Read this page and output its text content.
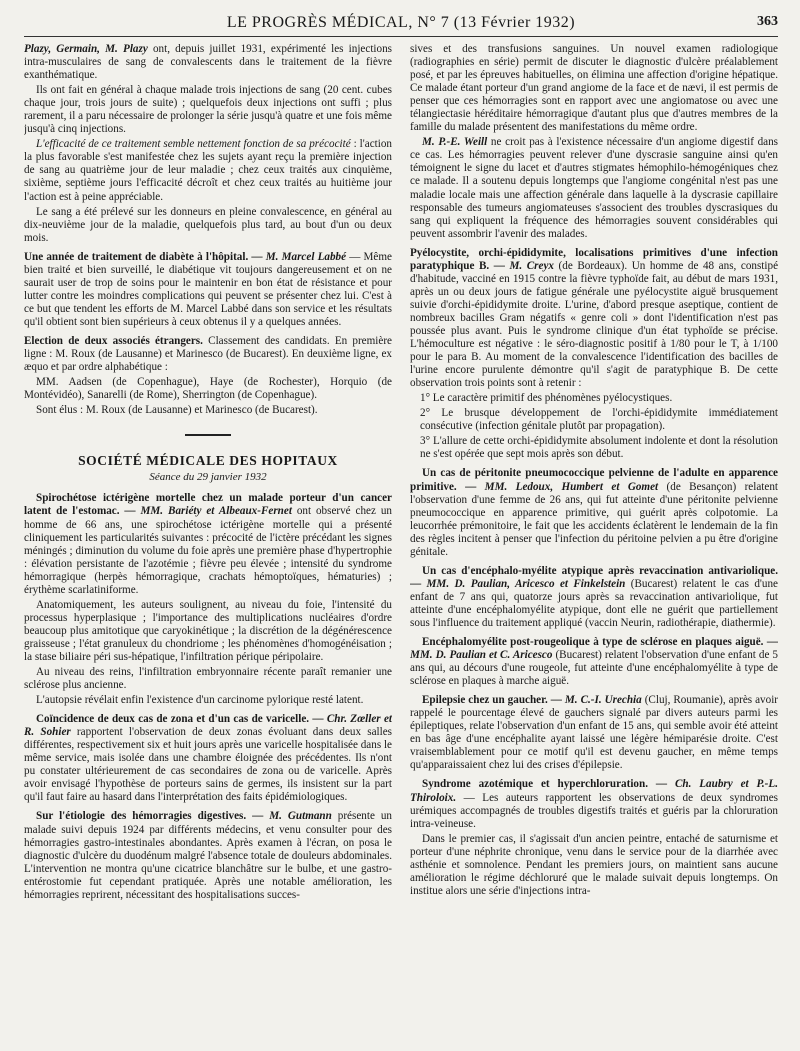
LE PROGRÈS MÉDICAL, N° 7 (13 Février 1932)	363

Plazy, Germain, M. Plazy ont, depuis juillet 1931, expérimenté les injections intra-musculaires de sang de convalescents dans le traitement de la fièvre exanthématique.

Ils ont fait en général à chaque malade trois injections de sang (20 cent. cubes chaque jour, trois jours de suite) ; quelquefois deux injections ont suffi ; plus rarement, il a paru nécessaire de prolonger la série jusqu'à quatre et une fois même jusqu'à cinq injections.

L'efficacité de ce traitement semble nettement fonction de sa précocité : l'action la plus favorable s'est manifestée chez les sujets ayant reçu la première injection de sang au quatrième jour de leur maladie ; chez ceux traités aux cinquième, sixième, septième jours l'efficacité décroît et chez ceux traités au huitième jour l'action est à peine appréciable.

Le sang a été prélevé sur les donneurs en pleine convalescence, en général au dix-neuvième jour de la maladie, quelquefois plus tard, au bout d'un ou deux mois.

Une année de traitement de diabète à l'hôpital. — M. Marcel Labbé — Même bien traité et bien surveillé, le diabétique vit toujours dangereusement et on ne saurait user de trop de soins pour le maintenir en bon état de résistance et pour lutter contre les moindres complications qui peuvent se présenter chez lui. C'est à ce but que tendent les efforts de M. Marcel Labbé dans son service et les résultats qu'il obtient sont bien supérieurs à ceux obtenus il y a quelques années.

Election de deux associés étrangers. Classement des candidats. En première ligne : M. Roux (de Lausanne) et Marinesco (de Bucarest). En deuxième ligne, ex æquo et par ordre alphabétique :

MM. Aadsen (de Copenhague), Haye (de Rochester), Horquio (de Montévidéo), Sanarelli (de Rome), Sherrington (de Copenhague).

Sont élus : M. Roux (de Lausanne) et Marinesco (de Bucarest).

SOCIÉTÉ MÉDICALE DES HOPITAUX
Séance du 29 janvier 1932

Spirochétose ictérigène mortelle chez un malade porteur d'un cancer latent de l'estomac. — MM. Bariéty et Albeaux-Fernet ont observé chez un homme de 66 ans, une spirochétose ictérigène mortelle qui a présenté cliniquement les particularités suivantes : précocité de l'ictère précédant les signes méningés ; diminution du volume du foie après une première phase d'hypertrophie : élévation persistante de l'azotémie ; fièvre peu élevée ; intensité du syndrome hémorragique (herpès hémorragique, crachats hémoptoïques, hématuries) ; érythème scarlatiniforme.

Anatomiquement, les auteurs soulignent, au niveau du foie, l'intensité du processus hyperplasique ; l'importance des multiplications nucléaires d'ordre beaucoup plus amitotique que caryokinétique ; la discrétion de la dégénérescence graisseuse ; l'état granuleux du chondriome ; les phénomènes d'homogénéisation ; la stase biliaire péri sus-hépatique, l'infiltration périque péripolaire.

Au niveau des reins, l'infiltration embryonnaire récente paraît remanier une sclérose plus ancienne.

L'autopsie révélait enfin l'existence d'un carcinome pylorique resté latent.

Coïncidence de deux cas de zona et d'un cas de varicelle. — Chr. Zœller et R. Sohier rapportent l'observation de deux zonas évoluant dans deux salles différentes, respectivement six et huit jours après une varicelle hospitalisée dans le même service, mais isolée dans une chambre éloignée des précédentes. Ils n'ont pu constater ultérieurement de cas secondaires de zona ou de varicelle. Après avoir envisagé l'hypothèse de porteurs sains de germes, ils insistent sur la part qu'il faut faire au hasard dans l'interprétation des faits épidémiologiques.

Sur l'étiologie des hémorragies digestives. — M. Gutmann présente un malade suivi depuis 1924 par différents médecins, et venu consulter pour des hémorragies gastro-intestinales abondantes. Après examen à l'écran, on posa le diagnostic d'ulcère du duodénum malgré l'absence totale de douleurs abdominales. L'intervention ne montra qu'une cicatrice blanchâtre sur le bulbe, et une gastro-entérostomie fut cependant pratiquée. Après une notable amélioration, les hémorragies reprirent, nécessitant des hospitalisations succes-

sives et des transfusions sanguines. Un nouvel examen radiologique (radiographies en série) permit de discuter le diagnostic d'ulcère préalablement posé, et par les épreuves habituelles, on élimina une affection d'origine hépatique. Ce malade étant porteur d'un grand angiome de la face et de nævi, il est permis de penser que ces hémorragies sont en rapport avec une angiomatose ou avec une télangiectasie héréditaire hémorragique d'autant plus que d'autres membres de la famille du malade présentent des manifestations du même ordre.

M. P.-E. Weill ne croit pas à l'existence nécessaire d'un angiome digestif dans ce cas. Les hémorragies peuvent relever d'une dyscrasie sanguine ainsi qu'en témoignent le signe du lacet et d'autres stigmates hémophilo-hémogéniques chez ce malade. Il a soutenu depuis longtemps que l'angiome congénital n'est pas une maladie locale mais une affection générale dans laquelle à la dyscrasie capillaire responsable des tumeurs angiomateuses s'associent des troubles dyscrasiques du sang qui expliquent la fréquence des hémorragies souvent considérables qui peuvent assombrir l'avenir des malades.

Pyélocystite, orchi-épididymite, localisations primitives d'une infection paratyphique B. — M. Creyx (de Bordeaux). Un homme de 48 ans, constipé d'habitude, vacciné en 1915 contre la fièvre typhoïde fait, au début de mars 1931, après un ou deux jours de fatigue générale une pyélocystite aiguë brusquement suivie d'orchi-épididymite droite. L'urine, d'abord presque aseptique, contient de nombreux bacilles Gram négatifs « genre coli » dont l'identification n'est pas poussée plus avant. Puis le syndrome clinique d'un état typhoïde se précise. L'hémoculture est négative : le séro-diagnostic positif à 1/80 pour le T, à 1/100 pour le para B. Au moment de la convalescence l'identification des bacilles de l'urine encore purulente démontre qu'il s'agit de paratyphique B. De cette observation trois points sont à retenir :

1° Le caractère primitif des phénomènes pyélocystiques.

2° Le brusque développement de l'orchi-épididymite immédiatement consécutive (infection génitale plutôt par propagation).

3° L'allure de cette orchi-épididymite absolument indolente et dont la résolution ne s'est opérée que sept mois après son début.

Un cas de péritonite pneumococcique pelvienne de l'adulte en apparence primitive. — MM. Ledoux, Humbert et Gomet (de Besançon) relatent l'observation d'une femme de 26 ans, qui fut atteinte d'une péritonite pelvienne pneumococcique en apparence primitive, qui guérit après colpotomie. La leucorrhée prémonitoire, le fait que les accidents éclatèrent le lendemain de la fin des règles incitent à penser que l'infection du péritoine pelvien a pu être d'origine génitale.

Un cas d'encéphalo-myélite atypique après revaccination antivariolique. — MM. D. Paulian, Aricesco et Finkelstein (Bucarest) relatent le cas d'une enfant de 7 ans qui, quatorze jours après sa revaccination antivariolique, fut atteinte d'une encéphalomyélite atypique, dont elle ne guérit que partiellement sous l'influence du traitement appliqué (vaccin Neurin, radiothérapie, diathermie).

Encéphalomyélite post-rougeolique à type de sclérose en plaques aiguë. — MM. D. Paulian et C. Aricesco (Bucarest) relatent l'observation d'une enfant de 5 ans qui, au décours d'une rougeole, fut atteinte d'une encéphalomyélite à type de sclérose en plaques à marche aiguë.

Epilepsie chez un gaucher. — M. C.-I. Urechia (Cluj, Roumanie), après avoir rappelé le pourcentage élevé de gauchers signalé par divers auteurs parmi les épileptiques, relate l'observation d'un enfant de 15 ans, qui semble avoir été atteint en bas âge d'une encéphalite ayant laissé une légère hémiparésie droite. C'est vraisemblablement pour ce motif qu'il est devenu gaucher, en même temps qu'apparaissaient chez lui des crises d'épilepsie.

Syndrome azotémique et hyperchloruration. — Ch. Laubry et P.-L. Thiroloix. — Les auteurs rapportent les observations de deux syndromes urémiques accompagnés de troubles digestifs traités et guéris par la chloruration intra-veineuse.

Dans le premier cas, il s'agissait d'un ancien peintre, entaché de saturnisme et porteur d'une néphrite chronique, venu dans le service pour de la diarrhée avec asthénie et somnolence. Pendant les premiers jours, on maintient sans aucune amélioration le régime déchloruré que le malade suivait depuis longtemps. On institue alors une série d'injections intra-
